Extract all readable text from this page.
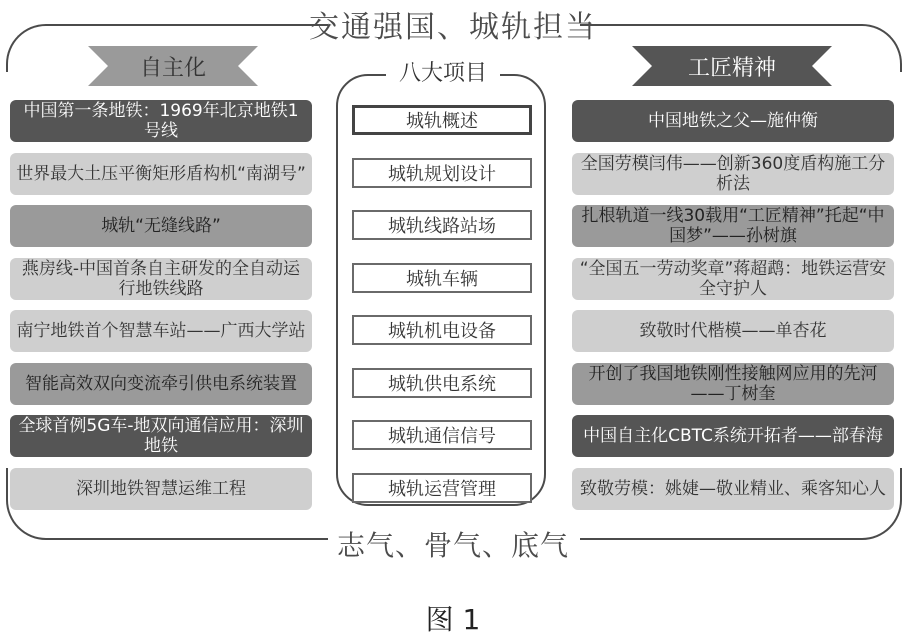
交通强国、城轨担当
自主化	工匠精神
中国第一条地铁：1969年北京地铁1号线
世界最大土压平衡矩形盾构机“南湖号”
城轨“无缝线路”
燕房线-中国首条自主研发的全自动运行地铁线路
南宁地铁首个智慧车站——广西大学站
智能高效双向变流牵引供电系统装置
全球首例5G车-地双向通信应用：深圳地铁
深圳地铁智慧运维工程
八大项目
城轨概述
城轨规划设计
城轨线路站场
城轨车辆
城轨机电设备
城轨供电系统
城轨通信信号
城轨运营管理
中国地铁之父—施仲衡
全国劳模闫伟——创新360度盾构施工分析法
扎根轨道一线30载用“工匠精神”托起“中国梦”——孙树旗
“全国五一劳动奖章”蒋超鹉：地铁运营安全守护人
致敬时代楷模——单杏花
开创了我国地铁刚性接触网应用的先河——丁树奎
中国自主化CBTC系统开拓者——部春海
致敬劳模：姚婕—敬业精业、乘客知心人
志气、骨气、底气
图 1
